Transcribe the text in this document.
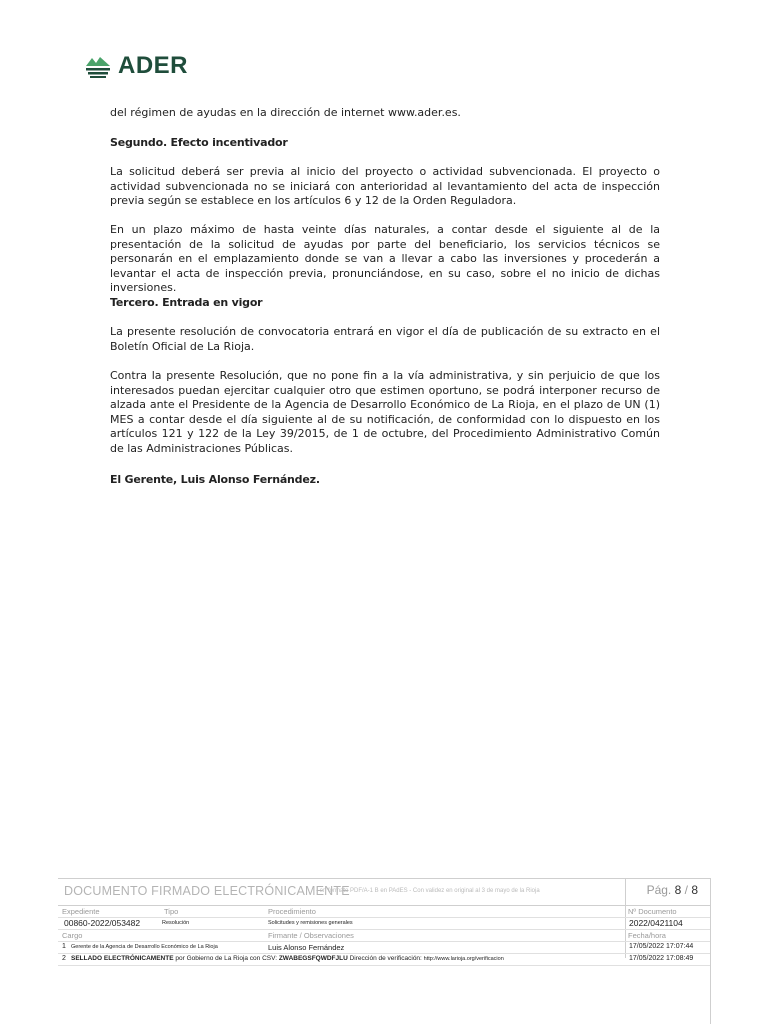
ADER

del régimen de ayudas en la dirección de internet www.ader.es.

Segundo. Efecto incentivador

La solicitud deberá ser previa al inicio del proyecto o actividad subvencionada. El proyecto o actividad subvencionada no se iniciará con anterioridad al levantamiento del acta de inspección previa según se establece en los artículos 6 y 12 de la Orden Reguladora.

En un plazo máximo de hasta veinte días naturales, a contar desde el siguiente al de la presentación de la solicitud de ayudas por parte del beneficiario, los servicios técnicos se personarán en el emplazamiento donde se van a llevar a cabo las inversiones y procederán a levantar el acta de inspección previa, pronunciándose, en su caso, sobre el no inicio de dichas inversiones.

Tercero. Entrada en vigor

La presente resolución de convocatoria entrará en vigor el día de publicación de su extracto en el Boletín Oficial de La Rioja.

Contra la presente Resolución, que no pone fin a la vía administrativa, y sin perjuicio de que los interesados puedan ejercitar cualquier otro que estimen oportuno, se podrá interponer recurso de alzada ante el Presidente de la Agencia de Desarrollo Económico de La Rioja, en el plazo de UN (1) MES a contar desde el día siguiente al de su notificación, de conformidad con lo dispuesto en los artículos 121 y 122 de la Ley 39/2015, de 1 de octubre, del Procedimiento Administrativo Común de las Administraciones Públicas.

El Gerente, Luis Alonso Fernández.

DOCUMENTO FIRMADO ELECTRÓNICAMENTE
- en formato PDF/A-1 B en PAdES - Con validez en original al 3 de mayo de la Rioja	Pág. 8 / 8
Expediente	Tipo	Procedimiento	Nº Documento
00860-2022/053482	Resolución	Solicitudes y remisiones generales	2022/0421104
Cargo	Firmante / Observaciones	Fecha/hora
1 Gerente de la Agencia de Desarrollo Económico de La Rioja	Luis Alonso Fernández	17/05/2022 17:07:44
2 SELLADO ELECTRÓNICAMENTE por Gobierno de La Rioja con CSV: ZWABEGSFQWDFJLU Dirección de verificación: http://www.larioja.org/verificacion	17/05/2022 17:08:49
